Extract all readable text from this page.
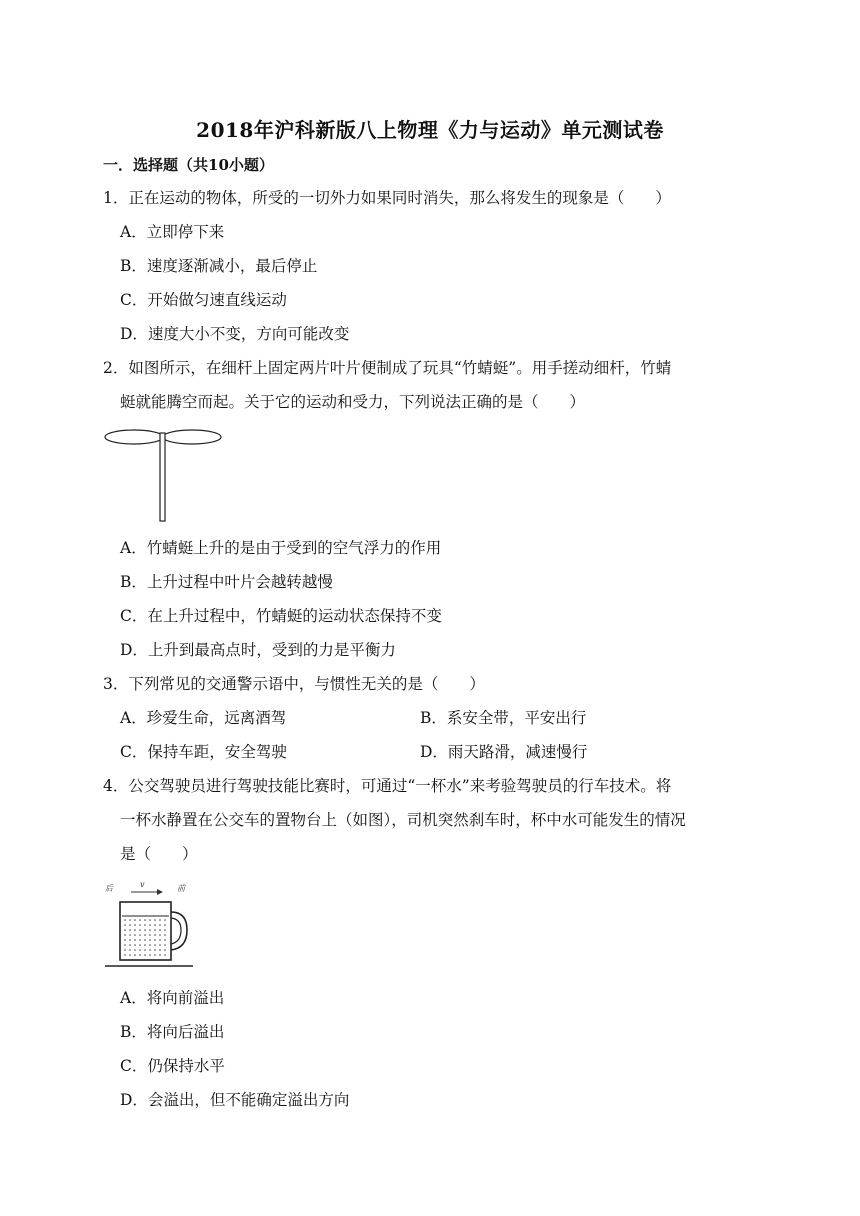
2018年沪科新版八上物理《力与运动》单元测试卷
一．选择题（共10小题）
1．正在运动的物体，所受的一切外力如果同时消失，那么将发生的现象是（　　）
A．立即停下来
B．速度逐渐减小，最后停止
C．开始做匀速直线运动
D．速度大小不变，方向可能改变
2．如图所示，在细杆上固定两片叶片便制成了玩具“竹蜻蜓”。用手搓动细杆，竹蜻
蜓就能腾空而起。关于它的运动和受力，下列说法正确的是（　　）
A．竹蜻蜓上升的是由于受到的空气浮力的作用
B．上升过程中叶片会越转越慢
C．在上升过程中，竹蜻蜓的运动状态保持不变
D．上升到最高点时，受到的力是平衡力
3．下列常见的交通警示语中，与惯性无关的是（　　）
A．珍爱生命，远离酒驾	B．系安全带，平安出行
C．保持车距，安全驾驶	D．雨天路滑，减速慢行
4．公交驾驶员进行驾驶技能比赛时，可通过“一杯水”来考验驾驶员的行车技术。将
一杯水静置在公交车的置物台上（如图），司机突然刹车时，杯中水可能发生的情况
是（　　）
后	v	前
A．将向前溢出
B．将向后溢出
C．仍保持水平
D．会溢出，但不能确定溢出方向
